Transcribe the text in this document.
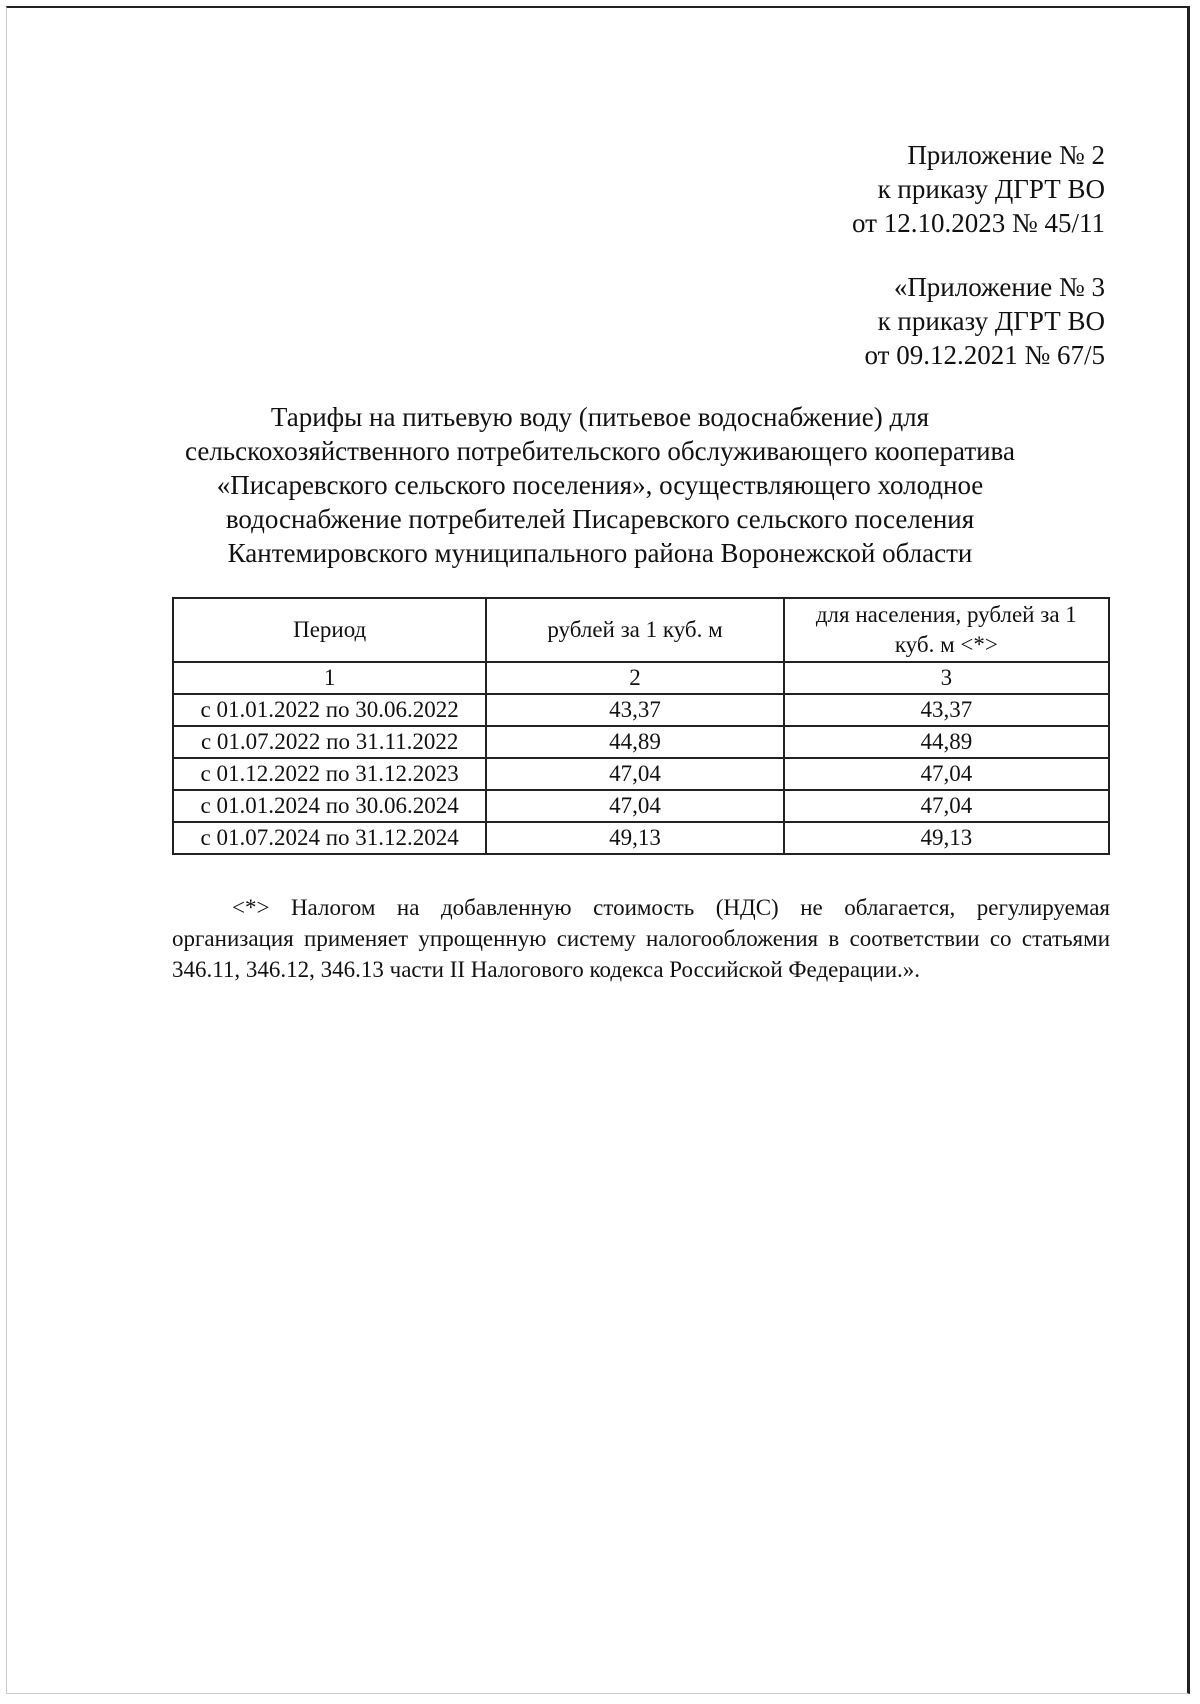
Приложение № 2
к приказу ДГРТ ВО
от 12.10.2023 № 45/11
«Приложение № 3
к приказу ДГРТ ВО
от 09.12.2021 № 67/5
Тарифы на питьевую воду (питьевое водоснабжение) для
сельскохозяйственного потребительского обслуживающего кооператива
«Писаревского сельского поселения», осуществляющего холодное
водоснабжение потребителей Писаревского сельского поселения
Кантемировского муниципального района Воронежской области
Период	рублей за 1 куб. м	для населения, рублей за 1
куб. м <*>
1	2	3
с 01.01.2022 по 30.06.2022	43,37	43,37
с 01.07.2022 по 31.11.2022	44,89	44,89
с 01.12.2022 по 31.12.2023	47,04	47,04
с 01.01.2024 по 30.06.2024	47,04	47,04
с 01.07.2024 по 31.12.2024	49,13	49,13
<*> Налогом на добавленную стоимость (НДС) не облагается, регулируемая организация применяет упрощенную систему налогообложения в соответствии со статьями 346.11, 346.12, 346.13 части II Налогового кодекса Российской Федерации.».
